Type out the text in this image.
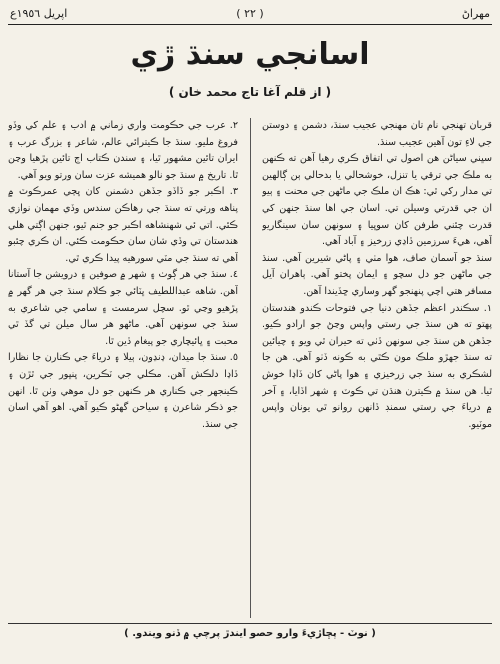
مهراڻ
( ٢٢ )
اپريل ١٩٥٦ع
اسانجي سنڌ ڙي
( از قلم آغا تاج محمد خان )

قربان تهنجي نام تان مهنجي عجيب سنڌ، دشمن ۽ دوستن جي لاءِ تون آهين عجيب سنڌ.

سڀني سياڻن هن اصول تي اتفاق ڪري رهيا آهن ته ڪنهن به ملڪ جي ترقي يا تنزل، خوشحالي يا بدحالي ٻن ڳالهين تي مدار رکي ٿي: هڪ ان ملڪ جي ماڻهن جي محنت ۽ ٻيو ان جي قدرتي وسيلن تي. اسان جي اها سنڌ جنهن کي قدرت چئني طرفن کان سوڀيا ۽ سونهن سان سينگاريو آهي، هيءَ سرزمين ڏاڍي زرخيز ۽ آباد آهي.

سنڌ جو آسمان صاف، هوا مٺي ۽ پاڻي شيرين آهي. سنڌ جي ماڻهن جو دل سچو ۽ ايمان پختو آهي. ٻاهران آيل مسافر هتي اچي پنهنجو گهر وساري ڇڏيندا آهن.

١. سڪندر اعظم جڏهن دنيا جي فتوحات ڪندو هندستان پهتو ته هن سنڌ جي رستي واپس وڃڻ جو ارادو ڪيو. جڏهن هن سنڌ جي سونهن ڏٺي ته حيران ٿي ويو ۽ چيائين ته سنڌ جهڙو ملڪ مون ڪٿي به ڪونه ڏٺو آهي. هن جا لشڪري به سنڌ جي زرخيزي ۽ هوا پاڻي کان ڏاڍا خوش ٿيا. هن سنڌ ۾ ڪيترن هنڌن تي ڪوٽ ۽ شهر اڏايا، ۽ آخر ۾ درياءَ جي رستي سمنڊ ڏانهن روانو ٿي يونان واپس موٽيو.

٢. عرب جي حڪومت واري زماني ۾ ادب ۽ علم کي وڏو فروغ مليو. سنڌ جا ڪيترائي عالم، شاعر ۽ بزرگ عرب ۽ ايران تائين مشهور ٿيا، ۽ سندن ڪتاب اڄ تائين پڙهيا وڃن ٿا. تاريخ ۾ سنڌ جو نالو هميشه عزت سان ورتو ويو آهي.

٣. اڪبر جو ڏاڏو جڏهن دشمنن کان ڀڄي عمرڪوٽ ۾ پناهه ورتي ته سنڌ جي رهاڪن سندس وڏي مهمان نوازي ڪئي. اتي ئي شهنشاهه اڪبر جو جنم ٿيو، جنهن اڳتي هلي هندستان تي وڏي شان سان حڪومت ڪئي. ان ڪري چئبو آهي ته سنڌ جي مٽي سورهيه پيدا ڪري ٿي.

٤. سنڌ جي هر ڳوٺ ۽ شهر ۾ صوفين ۽ درويشن جا آستانا آهن. شاهه عبداللطيف ڀٽائي جو ڪلام سنڌ جي هر گهر ۾ پڙهيو وڃي ٿو. سچل سرمست ۽ سامي جي شاعري به سنڌ جي سونهن آهي. ماڻهو هر سال ميلن تي گڏ ٿي محبت ۽ ڀائيچاري جو پيغام ڏين ٿا.

٥. سنڌ جا ميدان، ڍنڍون، ٻيلا ۽ درياءَ جي ڪنارن جا نظارا ڏاڍا دلڪش آهن. مڪلي جي ٽڪرين، ڀنڀور جي ٿڙن ۽ ڪينجهر جي ڪناري هر ڪنهن جو دل موهي وٺن ٿا. انهن جو ذڪر شاعرن ۽ سياحن گهڻو ڪيو آهي. اهو آهي اسان جي سنڌ.

( نوٽ - پڇاڙيءَ وارو حصو ايندڙ پرچي ۾ ڏنو ويندو. )
